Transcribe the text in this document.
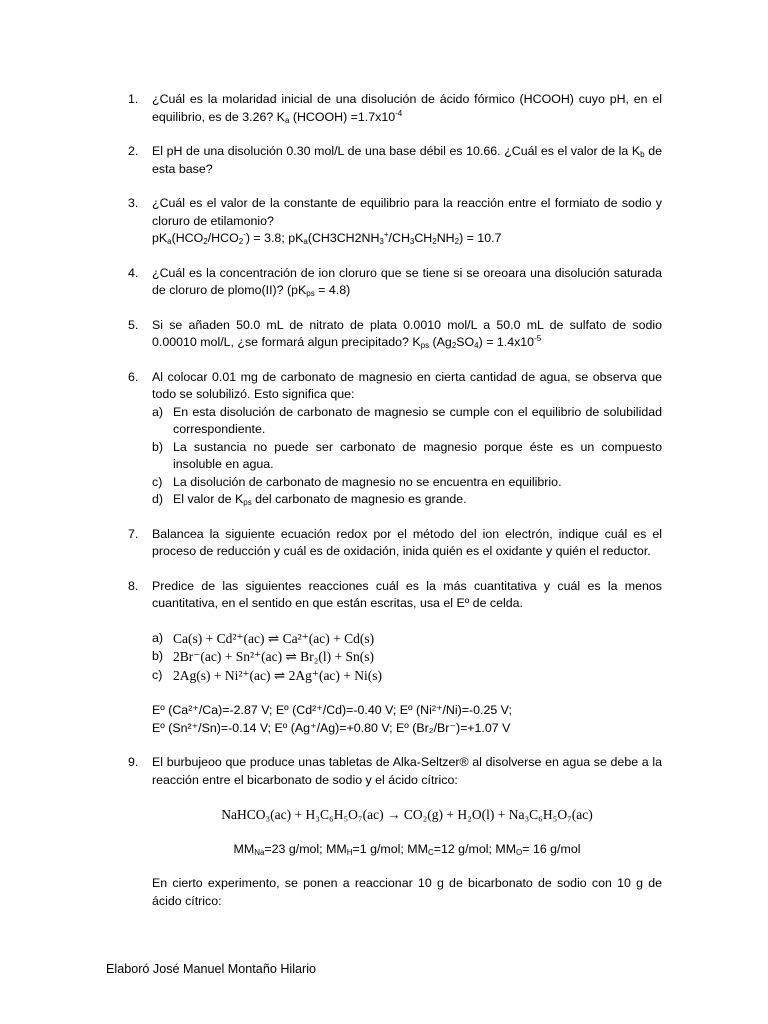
1. ¿Cuál es la molaridad inicial de una disolución de ácido fórmico (HCOOH) cuyo pH, en el equilibrio, es de 3.26? $K_a$ (HCOOH) $=1.7x10^{-4}$
2. El pH de una disolución 0.30 mol/L de una base débil es 10.66. ¿Cuál es el valor de la $K_b$ de esta base?
3. ¿Cuál es el valor de la constante de equilibrio para la reacción entre el formiato de sodio y cloruro de etilamonio?
$pK_a(HCO_2/HCO_2^-) = 3.8$; $pK_a(CH3CH2NH_3^+/CH_3CH_2NH_2) = 10.7$
4. ¿Cuál es la concentración de ion cloruro que se tiene si se oreoara una disolución saturada de cloruro de plomo(II)? $(pK_{ps} = 4.8)$
5. Si se añaden 50.0 mL de nitrato de plata 0.0010 mol/L a 50.0 mL de sulfato de sodio 0.00010 mol/L, ¿se formará algun precipitado? $K_{ps}$ $(Ag_2SO_4) = 1.4x10^{-5}$
6. Al colocar 0.01 mg de carbonato de magnesio en cierta cantidad de agua, se observa que todo se solubilizó. Esto significa que:
a) En esta disolución de carbonato de magnesio se cumple con el equilibrio de solubilidad correspondiente.
b) La sustancia no puede ser carbonato de magnesio porque éste es un compuesto insoluble en agua.
c) La disolución de carbonato de magnesio no se encuentra en equilibrio.
d) El valor de $K_{ps}$ del carbonato de magnesio es grande.
7. Balancea la siguiente ecuación redox por el método del ion electrón, indique cuál es el proceso de reducción y cuál es de oxidación, inida quién es el oxidante y quién el reductor.
8. Predice de las siguientes reacciones cuál es la más cuantitativa y cuál es la menos cuantitativa, en el sentido en que están escritas, usa el Eº de celda.
a) Ca(s) + Cd²⁺(ac) ⇌ Ca²⁺(ac) + Cd(s)
b) 2Br⁻(ac) + Sn²⁺(ac) ⇌ Br₂(l) + Sn(s)
c) 2Ag(s) + Ni²⁺(ac) ⇌ 2Ag⁺(ac) + Ni(s)
Eº (Ca²⁺/Ca)=-2.87 V; Eº (Cd²⁺/Cd)=-0.40 V; Eº (Ni²⁺/Ni)=-0.25 V;
Eº (Sn²⁺/Sn)=-0.14 V; Eº (Ag⁺/Ag)=+0.80 V; Eº (Br₂/Br⁻)=+1.07 V
9. El burbujeoo que produce unas tabletas de Alka-Seltzer® al disolverse en agua se debe a la reacción entre el bicarbonato de sodio y el ácido cítrico:
NaHCO₃(ac) + H₃C₆H₅O₇(ac) → CO₂(g) + H₂O(l) + Na₃C₆H₅O₇(ac)
$MM_{Na}=23$ g/mol; $MM_H=1$ g/mol; $MM_C=12$ g/mol; $MM_O= 16$ g/mol
En cierto experimento, se ponen a reaccionar 10 g de bicarbonato de sodio con 10 g de ácido cítrico:
Elaboró José Manuel Montaño Hilario
